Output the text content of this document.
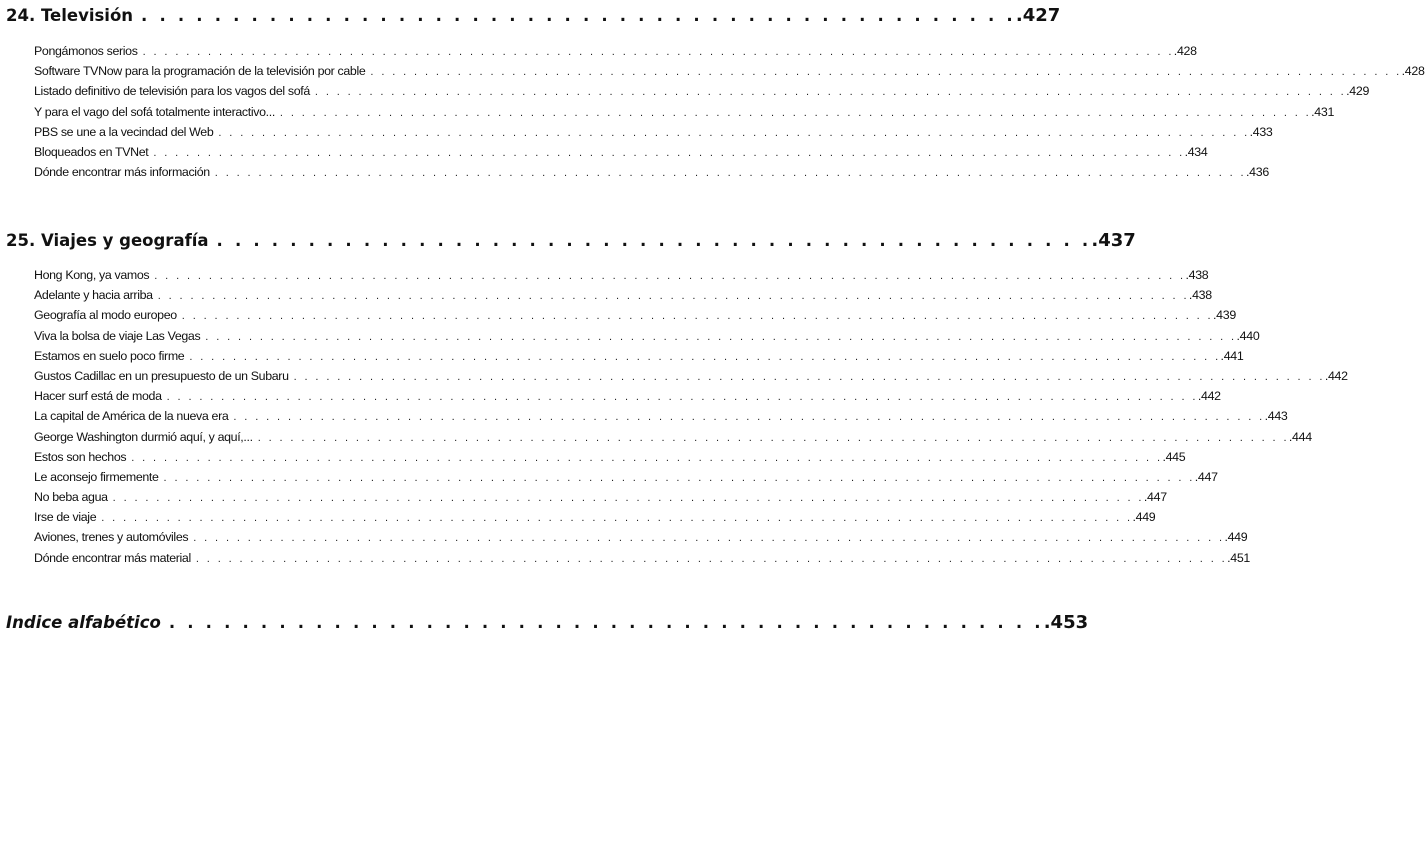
24. Televisión . . . . . . . . . . . . . . . . . . . . . . . . . . . . . . . . . . . . . . . . . . . . . . . . .427
Pongámonos serios . . . . . . . . . . . . . . . . . . . . . . . . . . . . . . . . . . . . . . . . . . . . . . . . . . . . . . . . . . . . . . . . . . . . . . . . . . . . . . . . . . . . . . . . . . . . . . . .428
Software TVNow para la programación de la televisión por cable . . . . . . . . . . . . . . . . . . . . . . . . . . . . . . . . . . . . . . . . . . . . . . . . . . . . . . . . . . . . . . . . . . . . . . . . . . . . . . . . . . . . . . . . . . . . . . . .428
Listado definitivo de televisión para los vagos del sofá . . . . . . . . . . . . . . . . . . . . . . . . . . . . . . . . . . . . . . . . . . . . . . . . . . . . . . . . . . . . . . . . . . . . . . . . . . . . . . . . . . . . . . . . . . . . . . . .429
Y para el vago del sofá totalmente interactivo... . . . . . . . . . . . . . . . . . . . . . . . . . . . . . . . . . . . . . . . . . . . . . . . . . . . . . . . . . . . . . . . . . . . . . . . . . . . . . . . . . . . . . . . . . . . . . . . .431
PBS se une a la vecindad del Web . . . . . . . . . . . . . . . . . . . . . . . . . . . . . . . . . . . . . . . . . . . . . . . . . . . . . . . . . . . . . . . . . . . . . . . . . . . . . . . . . . . . . . . . . . . . . . . .433
Bloqueados en TVNet . . . . . . . . . . . . . . . . . . . . . . . . . . . . . . . . . . . . . . . . . . . . . . . . . . . . . . . . . . . . . . . . . . . . . . . . . . . . . . . . . . . . . . . . . . . . . . . .434
Dónde encontrar más información . . . . . . . . . . . . . . . . . . . . . . . . . . . . . . . . . . . . . . . . . . . . . . . . . . . . . . . . . . . . . . . . . . . . . . . . . . . . . . . . . . . . . . . . . . . . . . . .436
25. Viajes y geografía . . . . . . . . . . . . . . . . . . . . . . . . . . . . . . . . . . . . . . . . . . . . . . . . .437
Hong Kong, ya vamos . . . . . . . . . . . . . . . . . . . . . . . . . . . . . . . . . . . . . . . . . . . . . . . . . . . . . . . . . . . . . . . . . . . . . . . . . . . . . . . . . . . . . . . . . . . . . . . .438
Adelante y hacia arriba . . . . . . . . . . . . . . . . . . . . . . . . . . . . . . . . . . . . . . . . . . . . . . . . . . . . . . . . . . . . . . . . . . . . . . . . . . . . . . . . . . . . . . . . . . . . . . . .438
Geografía al modo europeo . . . . . . . . . . . . . . . . . . . . . . . . . . . . . . . . . . . . . . . . . . . . . . . . . . . . . . . . . . . . . . . . . . . . . . . . . . . . . . . . . . . . . . . . . . . . . . . .439
Viva la bolsa de viaje Las Vegas . . . . . . . . . . . . . . . . . . . . . . . . . . . . . . . . . . . . . . . . . . . . . . . . . . . . . . . . . . . . . . . . . . . . . . . . . . . . . . . . . . . . . . . . . . . . . . . .440
Estamos en suelo poco firme . . . . . . . . . . . . . . . . . . . . . . . . . . . . . . . . . . . . . . . . . . . . . . . . . . . . . . . . . . . . . . . . . . . . . . . . . . . . . . . . . . . . . . . . . . . . . . . .441
Gustos Cadillac en un presupuesto de un Subaru . . . . . . . . . . . . . . . . . . . . . . . . . . . . . . . . . . . . . . . . . . . . . . . . . . . . . . . . . . . . . . . . . . . . . . . . . . . . . . . . . . . . . . . . . . . . . . . .442
Hacer surf está de moda . . . . . . . . . . . . . . . . . . . . . . . . . . . . . . . . . . . . . . . . . . . . . . . . . . . . . . . . . . . . . . . . . . . . . . . . . . . . . . . . . . . . . . . . . . . . . . . .442
La capital de América de la nueva era . . . . . . . . . . . . . . . . . . . . . . . . . . . . . . . . . . . . . . . . . . . . . . . . . . . . . . . . . . . . . . . . . . . . . . . . . . . . . . . . . . . . . . . . . . . . . . . .443
George Washington durmió aquí, y aquí,... . . . . . . . . . . . . . . . . . . . . . . . . . . . . . . . . . . . . . . . . . . . . . . . . . . . . . . . . . . . . . . . . . . . . . . . . . . . . . . . . . . . . . . . . . . . . . . . .444
Estos son hechos . . . . . . . . . . . . . . . . . . . . . . . . . . . . . . . . . . . . . . . . . . . . . . . . . . . . . . . . . . . . . . . . . . . . . . . . . . . . . . . . . . . . . . . . . . . . . . . .445
Le aconsejo firmemente . . . . . . . . . . . . . . . . . . . . . . . . . . . . . . . . . . . . . . . . . . . . . . . . . . . . . . . . . . . . . . . . . . . . . . . . . . . . . . . . . . . . . . . . . . . . . . . .447
No beba agua . . . . . . . . . . . . . . . . . . . . . . . . . . . . . . . . . . . . . . . . . . . . . . . . . . . . . . . . . . . . . . . . . . . . . . . . . . . . . . . . . . . . . . . . . . . . . . . .447
Irse de viaje . . . . . . . . . . . . . . . . . . . . . . . . . . . . . . . . . . . . . . . . . . . . . . . . . . . . . . . . . . . . . . . . . . . . . . . . . . . . . . . . . . . . . . . . . . . . . . . .449
Aviones, trenes y automóviles . . . . . . . . . . . . . . . . . . . . . . . . . . . . . . . . . . . . . . . . . . . . . . . . . . . . . . . . . . . . . . . . . . . . . . . . . . . . . . . . . . . . . . . . . . . . . . . .449
Dónde encontrar más material . . . . . . . . . . . . . . . . . . . . . . . . . . . . . . . . . . . . . . . . . . . . . . . . . . . . . . . . . . . . . . . . . . . . . . . . . . . . . . . . . . . . . . . . . . . . . . . .451
Indice alfabético . . . . . . . . . . . . . . . . . . . . . . . . . . . . . . . . . . . . . . . . . . . . . . . . .453
